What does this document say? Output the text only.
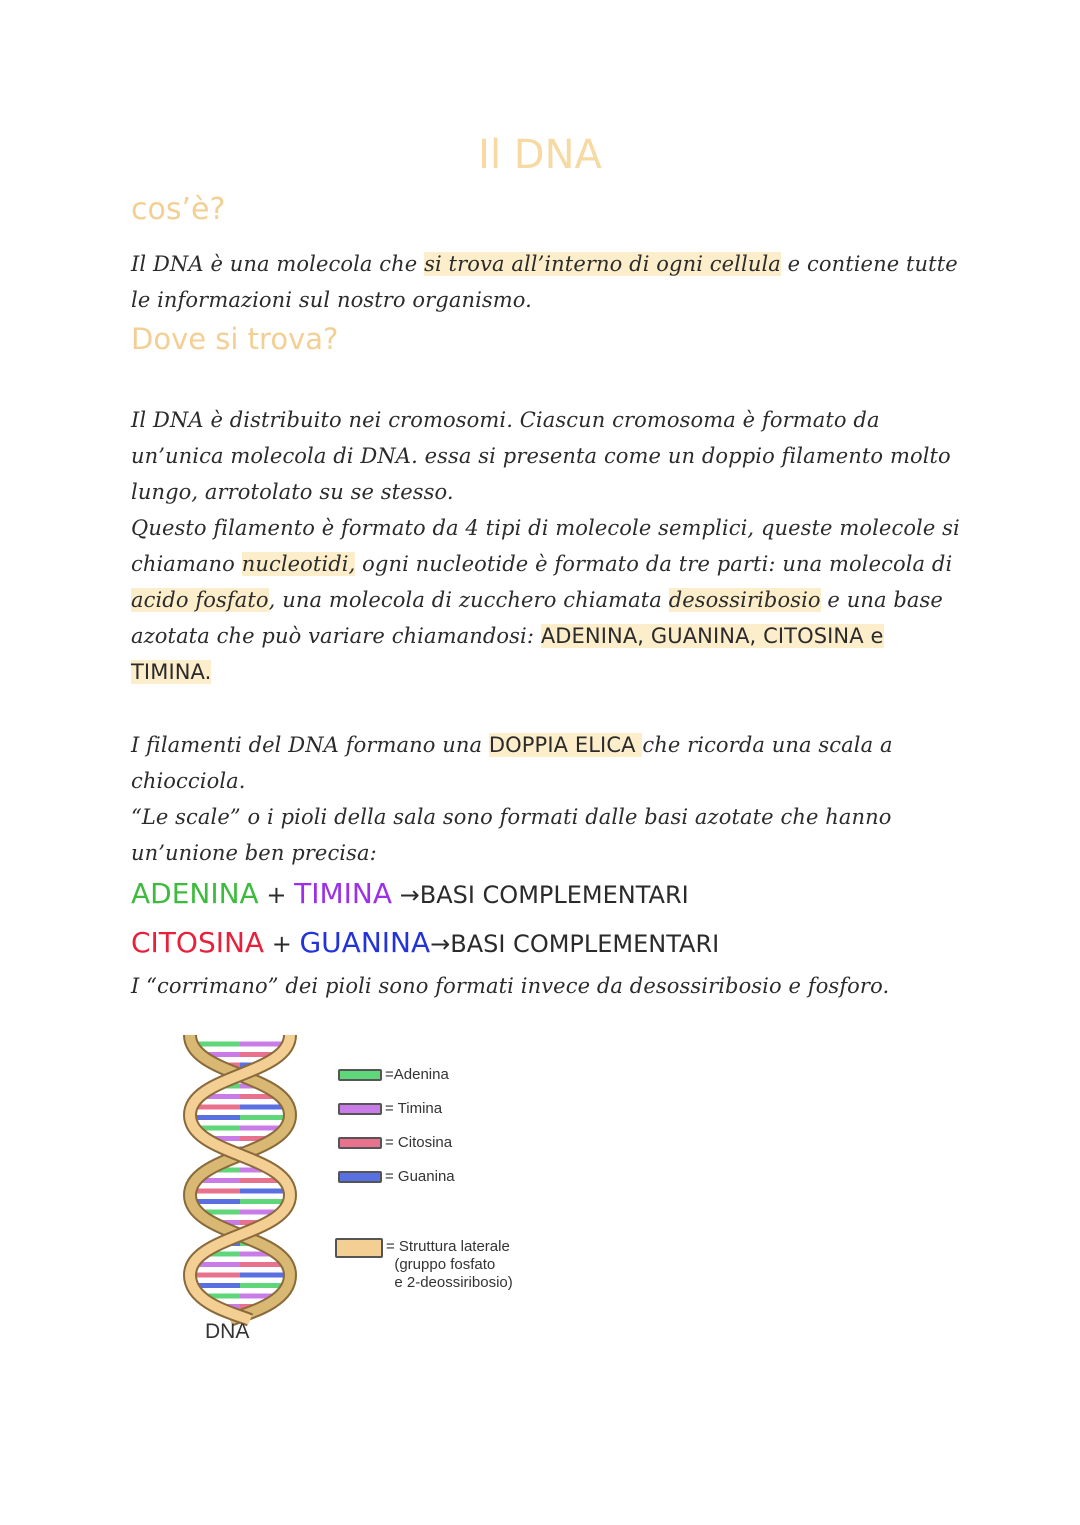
Il DNA
cos’è?

Il DNA è una molecola che si trova all’interno di ogni cellula e contiene tutte le informazioni sul nostro organismo.

Dove si trova?

Il DNA è distribuito nei cromosomi. Ciascun cromosoma è formato da un’unica molecola di DNA. essa si presenta come un doppio filamento molto lungo, arrotolato su se stesso.
Questo filamento è formato da 4 tipi di molecole semplici, queste molecole si chiamano nucleotidi, ogni nucleotide è formato da tre parti: una molecola di acido fosfato, una molecola di zucchero chiamata desossiribosio e una base azotata che può variare chiamandosi: ADENINA, GUANINA, CITOSINA e TIMINA.

I filamenti del DNA formano una DOPPIA ELICA che ricorda una scala a chiocciola.
“Le scale” o i pioli della sala sono formati dalle basi azotate che hanno un’unione ben precisa:

ADENINA + TIMINA →BASI COMPLEMENTARI

CITOSINA + GUANINA→BASI COMPLEMENTARI

I “corrimano” dei pioli sono formati invece da desossiribosio e fosforo.

DNA
=Adenina
= Timina
= Citosina
= Guanina
= Struttura laterale
(gruppo fosfato
e 2-deossiribosio)
